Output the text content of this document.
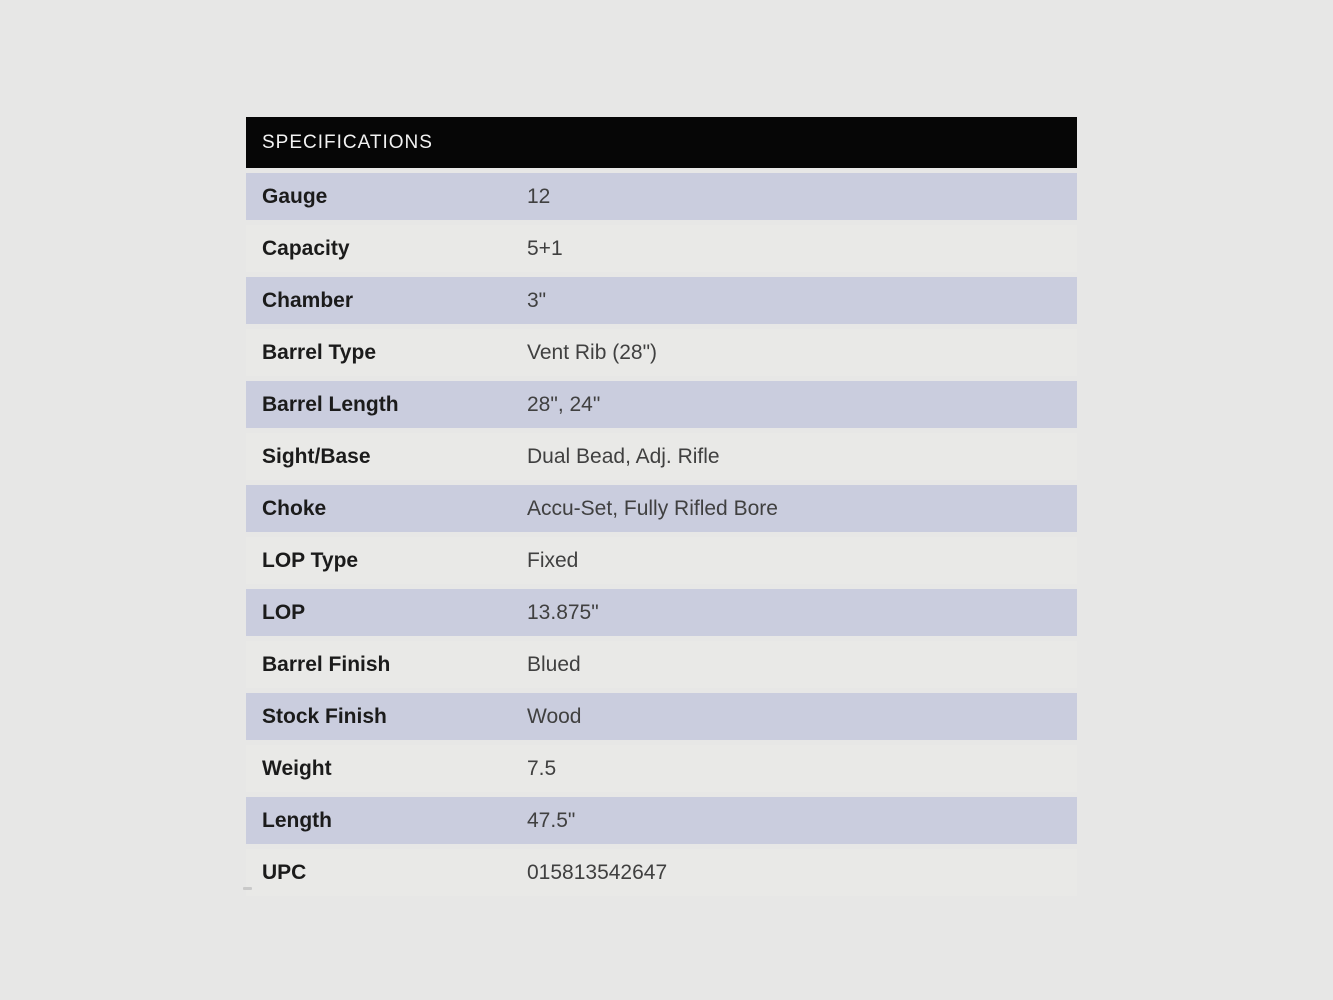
SPECIFICATIONS
Gauge	12
Capacity	5+1
Chamber	3"
Barrel Type	Vent Rib (28")
Barrel Length	28", 24"
Sight/Base	Dual Bead, Adj. Rifle
Choke	Accu-Set, Fully Rifled Bore
LOP Type	Fixed
LOP	13.875"
Barrel Finish	Blued
Stock Finish	Wood
Weight	7.5
Length	47.5"
UPC	015813542647
